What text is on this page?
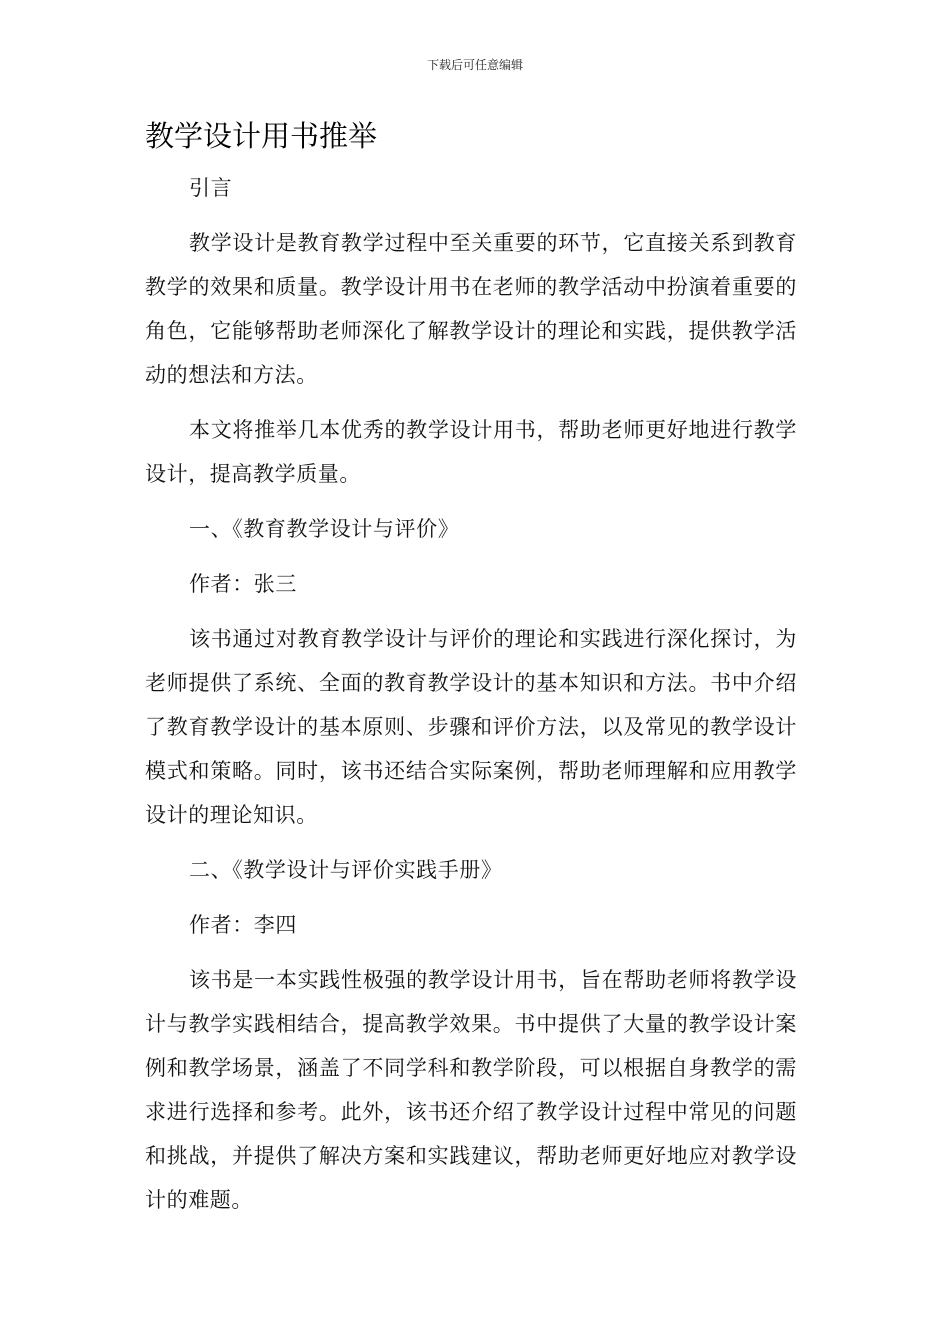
下载后可任意编辑
教学设计用书推举

引言

教学设计是教育教学过程中至关重要的环节，它直接关系到教育教学的效果和质量。教学设计用书在老师的教学活动中扮演着重要的角色，它能够帮助老师深化了解教学设计的理论和实践，提供教学活动的想法和方法。

本文将推举几本优秀的教学设计用书，帮助老师更好地进行教学设计，提高教学质量。

一、《教育教学设计与评价》

作者：张三

该书通过对教育教学设计与评价的理论和实践进行深化探讨，为老师提供了系统、全面的教育教学设计的基本知识和方法。书中介绍了教育教学设计的基本原则、步骤和评价方法，以及常见的教学设计模式和策略。同时，该书还结合实际案例，帮助老师理解和应用教学设计的理论知识。

二、《教学设计与评价实践手册》

作者：李四

该书是一本实践性极强的教学设计用书，旨在帮助老师将教学设计与教学实践相结合，提高教学效果。书中提供了大量的教学设计案例和教学场景，涵盖了不同学科和教学阶段，可以根据自身教学的需求进行选择和参考。此外，该书还介绍了教学设计过程中常见的问题和挑战，并提供了解决方案和实践建议，帮助老师更好地应对教学设计的难题。
